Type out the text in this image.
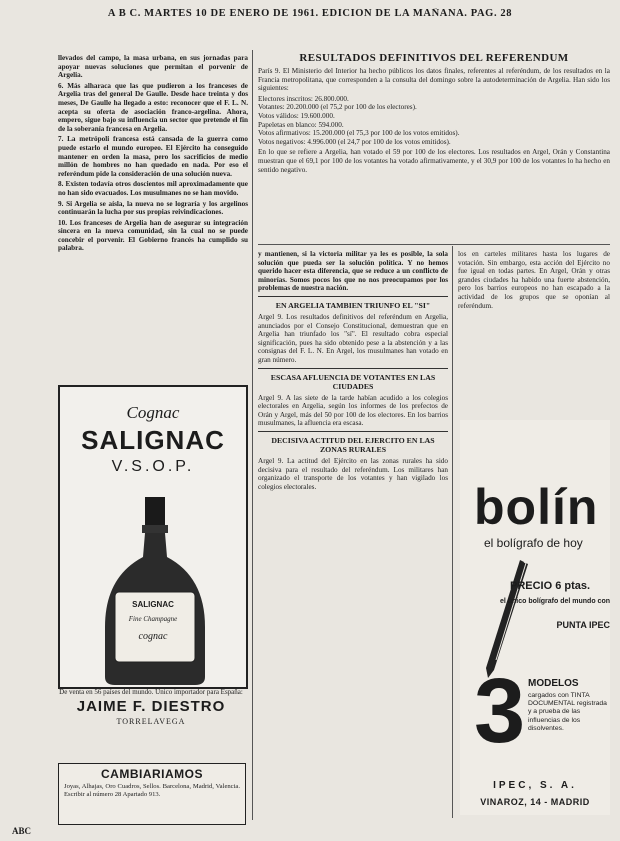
A B C. MARTES 10 DE ENERO DE 1961. EDICION DE LA MAÑANA. PAG. 28

llevados del campo, la masa urbana, en sus jornadas para apoyar nuevas soluciones que permitan el porvenir de Argelia.

6. Más alharaca que las que pudieron a los franceses de Argelia tras del general De Gaulle. Desde hace treinta y dos meses, De Gaulle ha llegado a esto: reconocer que el F. L. N. acepta su oferta de asociación franco-argelina. Ahora, empero, sigue bajo su influencia un sector que pretende el fin de la soberanía francesa en Argelia.

7. La metrópoli francesa está cansada de la guerra como puede estarlo el mundo europeo. El Ejército ha conseguido mantener en orden la masa, pero los sacrificios de medio millón de hombres no han quedado en nada. Por eso el referéndum pide la consideración de una solución nueva.

8. Existen todavía otros doscientos mil aproximadamente que no han sido evacuados. Los musulmanes no se han movido.

9. Si Argelia se aísla, la nueva no se lograría y los argelinos continuarán la lucha por sus propias reivindicaciones.

10. Los franceses de Argelia han de asegurar su integración sincera en la nueva comunidad, sin la cual no se puede concebir el porvenir. El Gobierno francés ha cumplido su palabra.

Cognac
SALIGNAC
V.S.O.P.
SALIGNAC
Fine Champagne
cognac
De venta en 56 países del mundo. Único importador para España:
JAIME F. DIESTRO
TORRELAVEGA
CAMBIARIAMOS
Joyas, Alhajas, Oro Cuadros, Sellos. Barcelona, Madrid, Valencia. Escribir al número 28 Apartado 913.
RESULTADOS DEFINITIVOS DEL REFERENDUM

París 9. El Ministerio del Interior ha hecho públicos los datos finales, referentes al referéndum, de los resultados en la Francia metropolitana, que corresponden a la consulta del domingo sobre la autodeterminación de Argelia. Han sido los siguientes:

Electores inscritos: 26.800.000.

Votantes: 20.200.000 (el 75,2 por 100 de los electores).

Votos válidos: 19.600.000.

Papeletas en blanco: 594.000.

Votos afirmativos: 15.200.000 (el 75,3 por 100 de los votos emitidos).

Votos negativos: 4.996.000 (el 24,7 por 100 de los votos emitidos).

En lo que se refiere a Argelia, han votado el 59 por 100 de los electores. Los resultados en Argel, Orán y Constantina muestran que el 69,1 por 100 de los votantes ha votado afirmativamente, y el 30,9 por 100 de los votantes lo ha hecho en sentido negativo.

y mantienen, si la victoria militar ya les es posible, la sola solución que pueda ser la solución política. Y no hemos querido hacer esta diferencia, que se reduce a un conflicto de minorías. Somos pocos los que no nos preocupamos por los problemas de nuestra nación.

EN ARGELIA TAMBIEN TRIUNFO EL "SI"

Argel 9. Los resultados definitivos del referéndum en Argelia, anunciados por el Consejo Constitucional, demuestran que en Argelia han triunfado los "sí". El resultado cobra especial significación, pues ha sido obtenido pese a la abstención y a las consignas del F. L. N. En Argel, los musulmanes han votado en gran número.

ESCASA AFLUENCIA DE VOTANTES EN LAS CIUDADES

Argel 9. A las siete de la tarde habían acudido a los colegios electorales en Argelia, según los informes de los prefectos de Orán y Argel, más del 50 por 100 de los electores. En los barrios musulmanes, la afluencia era escasa.

DECISIVA ACTITUD DEL EJERCITO EN LAS ZONAS RURALES

Argel 9. La actitud del Ejército en las zonas rurales ha sido decisiva para el resultado del referéndum. Los militares han organizado el transporte de los votantes y han vigilado los colegios electorales.

los en carteles militares hasta los lugares de votación. Sin embargo, esta acción del Ejército no fue igual en todas partes. En Argel, Orán y otras grandes ciudades ha habido una fuerte abstención, pero los barrios europeos no han escapado a la actividad de los grupos que se oponían al referéndum.

bolín
el bolígrafo de hoy
PRECIO 6 ptas.
el único bolígrafo del mundo con
PUNTA IPEC
3 MODELOS
cargados con TINTA DOCUMENTAL registrada y a prueba de las influencias de los disolventes.
IPEC, S. A.
VINAROZ, 14 - MADRID
ABC
